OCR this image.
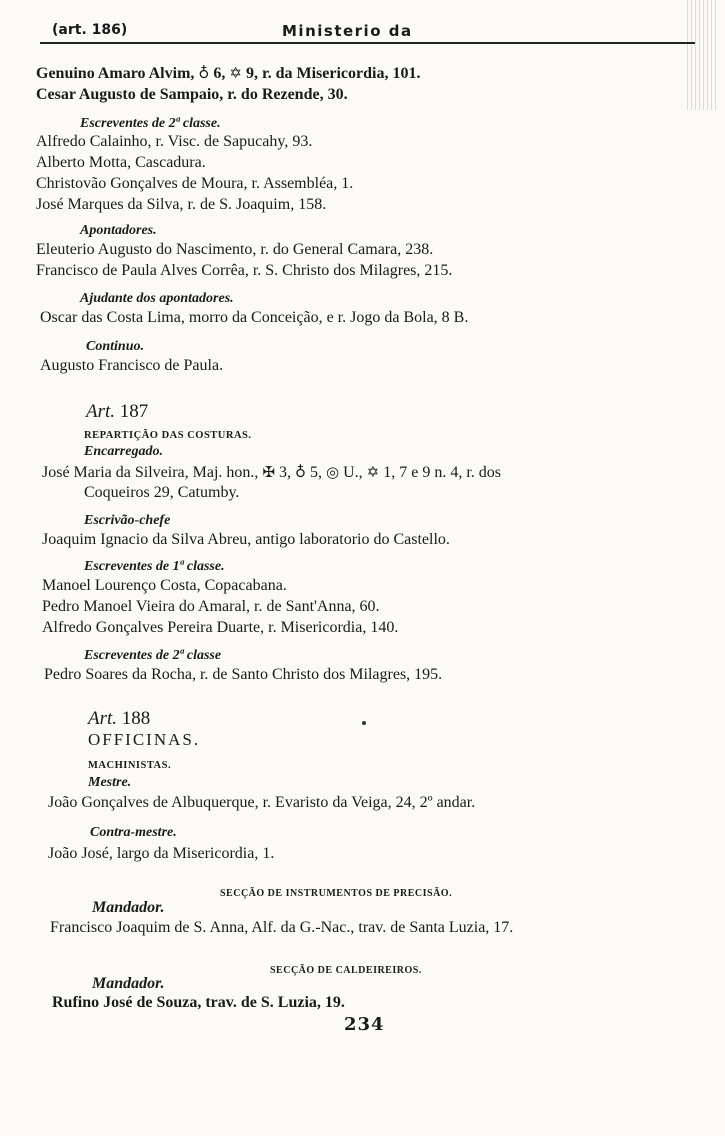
(art. 186)	Ministerio da
Genuino Amaro Alvim, ♁ 6, ✡ 9, r. da Misericordia, 101.
Cesar Augusto de Sampaio, r. do Rezende, 30.
Escreventes de 2ª classe.
Alfredo Calainho, r. Visc. de Sapucahy, 93.
Alberto Motta, Cascadura.
Christovão Gonçalves de Moura, r. Assembléa, 1.
José Marques da Silva, r. de S. Joaquim, 158.
Apontadores.
Eleuterio Augusto do Nascimento, r. do General Camara, 238.
Francisco de Paula Alves Corrêa, r. S. Christo dos Milagres, 215.
Ajudante dos apontadores.
Oscar das Costa Lima, morro da Conceição, e r. Jogo da Bola, 8 B.
Continuo.
Augusto Francisco de Paula.
Art. 187
REPARTIÇÃO DAS COSTURAS.
Encarregado.
José Maria da Silveira, Maj. hon., ✠ 3, ♁ 5, ◎ U., ✡ 1, 7 e 9 n. 4, r. dos
Coqueiros 29, Catumby.
Escrivão-chefe
Joaquim Ignacio da Silva Abreu, antigo laboratorio do Castello.
Escreventes de 1ª classe.
Manoel Lourenço Costa, Copacabana.
Pedro Manoel Vieira do Amaral, r. de Sant'Anna, 60.
Alfredo Gonçalves Pereira Duarte, r. Misericordia, 140.
Escreventes de 2ª classe
Pedro Soares da Rocha, r. de Santo Christo dos Milagres, 195.
Art. 188
OFFICINAS.
MACHINISTAS.
Mestre.
João Gonçalves de Albuquerque, r. Evaristo da Veiga, 24, 2º andar.
Contra-mestre.
João José, largo da Misericordia, 1.
SECÇÃO DE INSTRUMENTOS DE PRECISÃO.
Mandador.
Francisco Joaquim de S. Anna, Alf. da G.-Nac., trav. de Santa Luzia, 17.
SECÇÃO DE CALDEIREIROS.
Mandador.
Rufino José de Souza, trav. de S. Luzia, 19.
234
